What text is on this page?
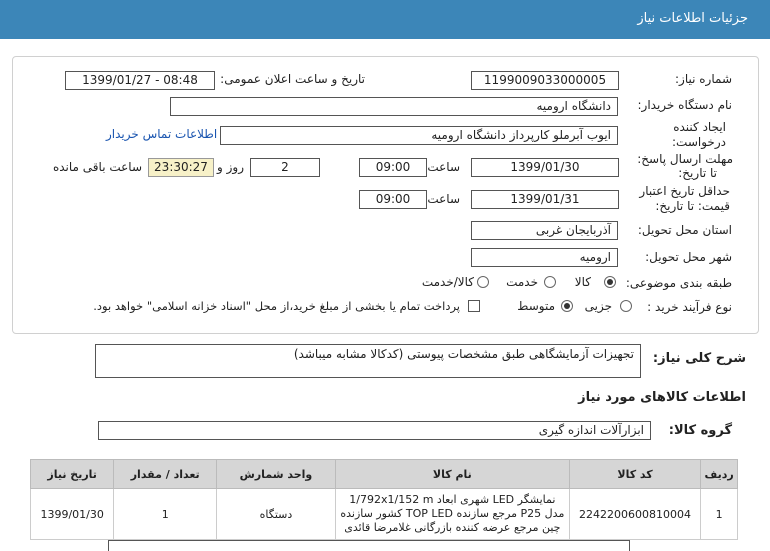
جزئیات اطلاعات نیاز
شماره نیاز:
1199009033000005
تاریخ و ساعت اعلان عمومی:
1399/01/27 - 08:48
نام دستگاه خریدار:
دانشگاه ارومیه
ایجاد کننده
درخواست:
ایوب آبرملو کارپرداز دانشگاه ارومیه
اطلاعات تماس خریدار
مهلت ارسال پاسخ:
تا تاریخ:
1399/01/30
ساعت
09:00
2
روز و
23:30:27
ساعت باقی مانده
حداقل تاریخ اعتبار
قیمت: تا تاریخ:
1399/01/31
ساعت
09:00
استان محل تحویل:
آذربایجان غربی
شهر محل تحویل:
ارومیه
طبقه بندی موضوعی:
کالا
خدمت
کالا/خدمت
نوع فرآیند خرید :
جزیی
متوسط
پرداخت تمام یا بخشی از مبلغ خرید،از محل "اسناد خزانه اسلامی" خواهد بود.
شرح کلی نیاز:
تجهیزات آزمایشگاهی طبق مشخصات پیوستی (کدکالا مشابه میباشد)
اطلاعات کالاهای مورد نیاز
گروه کالا:
ابزارآلات اندازه گیری
تاریخ نیاز	تعداد / مقدار	واحد شمارش	نام کالا	کد کالا	ردیف
1399/01/30	1	دستگاه	نمایشگر LED شهری ابعاد 1/792x1/152 m مدل P25 مرجع سازنده TOP LED کشور سازنده چین مرجع عرضه کننده بازرگانی غلامرضا قائدی	2242200600810004	1
